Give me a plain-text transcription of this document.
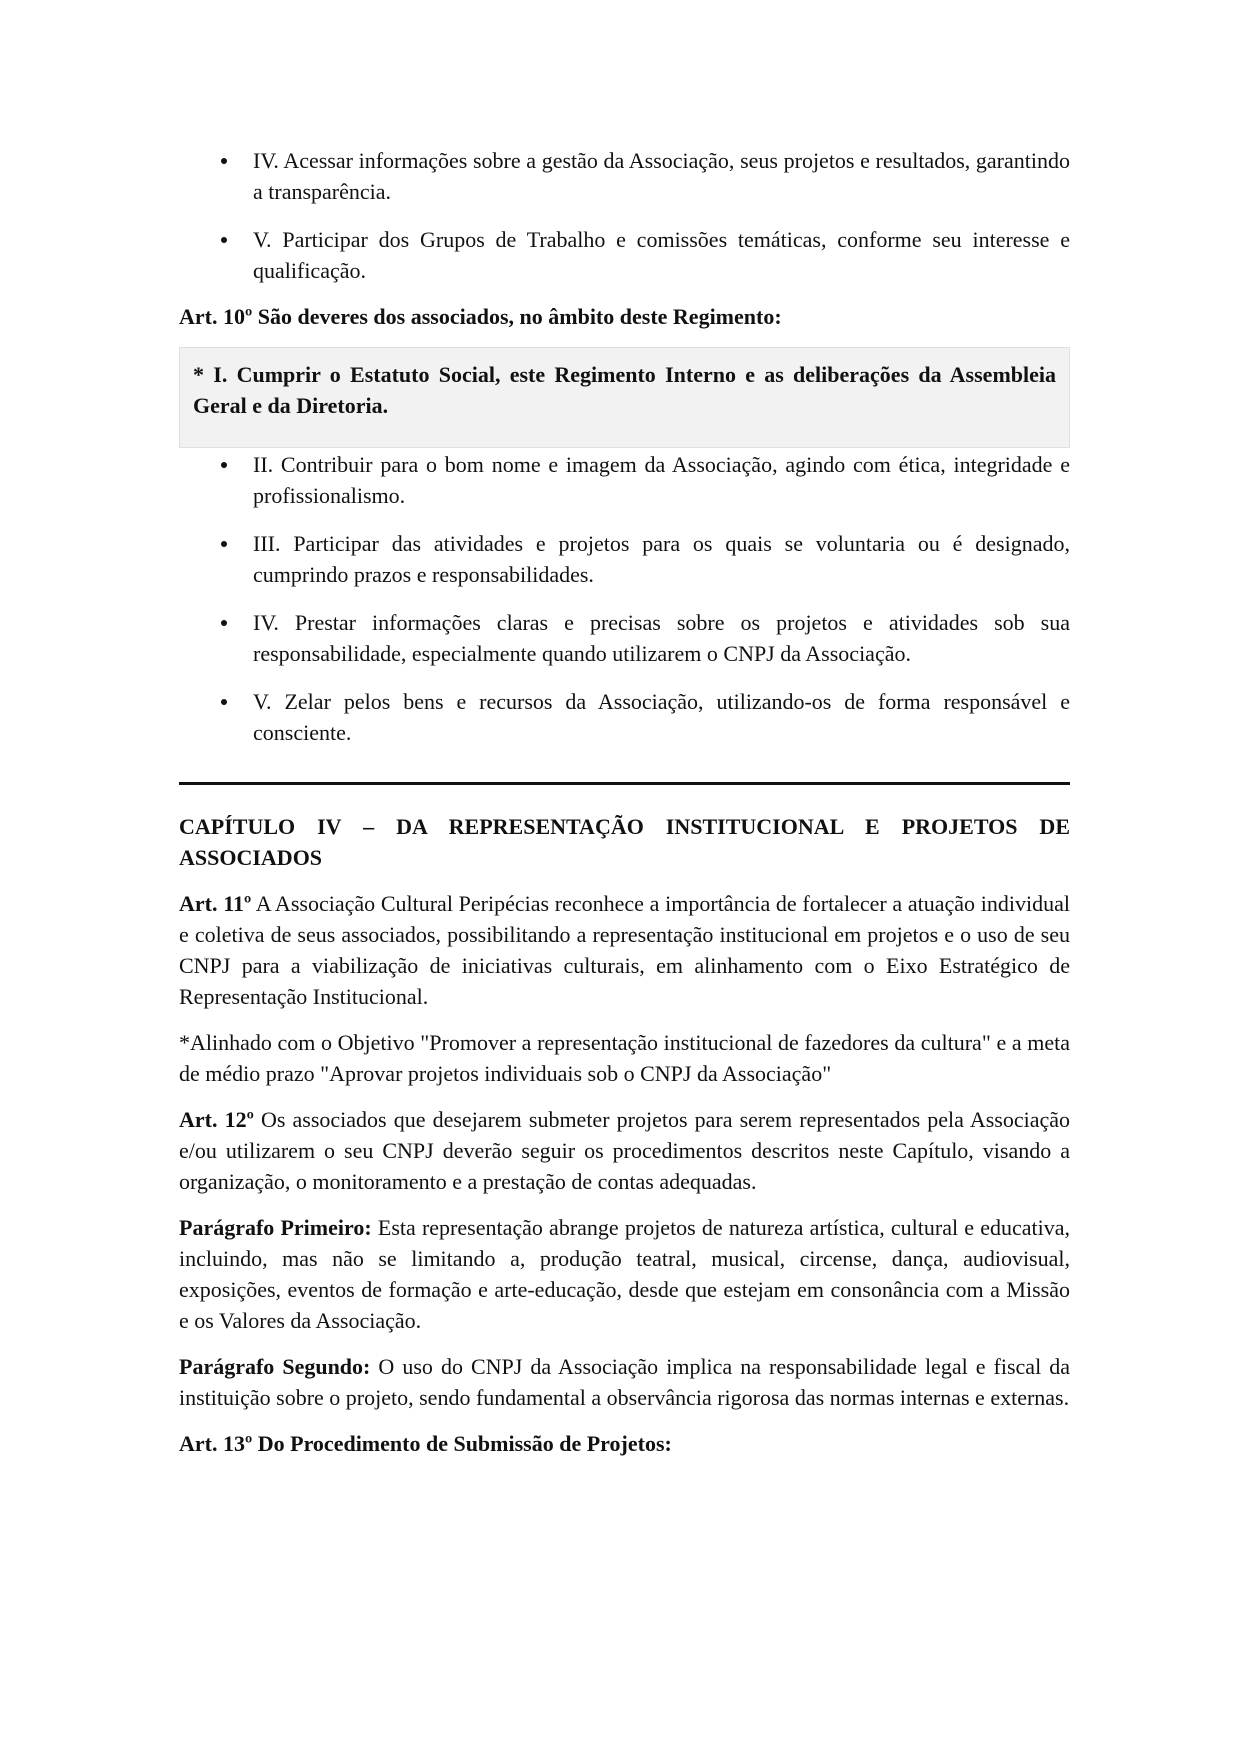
IV. Acessar informações sobre a gestão da Associação, seus projetos e resultados, garantindo a transparência.
V. Participar dos Grupos de Trabalho e comissões temáticas, conforme seu interesse e qualificação.

Art. 10º São deveres dos associados, no âmbito deste Regimento:

* I. Cumprir o Estatuto Social, este Regimento Interno e as deliberações da Assembleia Geral e da Diretoria.
II. Contribuir para o bom nome e imagem da Associação, agindo com ética, integridade e profissionalismo.
III. Participar das atividades e projetos para os quais se voluntaria ou é designado, cumprindo prazos e responsabilidades.
IV. Prestar informações claras e precisas sobre os projetos e atividades sob sua responsabilidade, especialmente quando utilizarem o CNPJ da Associação.
V. Zelar pelos bens e recursos da Associação, utilizando-os de forma responsável e consciente.

CAPÍTULO IV – DA REPRESENTAÇÃO INSTITUCIONAL E PROJETOS DE ASSOCIADOS

Art. 11º A Associação Cultural Peripécias reconhece a importância de fortalecer a atuação individual e coletiva de seus associados, possibilitando a representação institucional em projetos e o uso de seu CNPJ para a viabilização de iniciativas culturais, em alinhamento com o Eixo Estratégico de Representação Institucional.

*Alinhado com o Objetivo "Promover a representação institucional de fazedores da cultura" e a meta de médio prazo "Aprovar projetos individuais sob o CNPJ da Associação"

Art. 12º Os associados que desejarem submeter projetos para serem representados pela Associação e/ou utilizarem o seu CNPJ deverão seguir os procedimentos descritos neste Capítulo, visando a organização, o monitoramento e a prestação de contas adequadas.

Parágrafo Primeiro: Esta representação abrange projetos de natureza artística, cultural e educativa, incluindo, mas não se limitando a, produção teatral, musical, circense, dança, audiovisual, exposições, eventos de formação e arte-educação, desde que estejam em consonância com a Missão e os Valores da Associação.

Parágrafo Segundo: O uso do CNPJ da Associação implica na responsabilidade legal e fiscal da instituição sobre o projeto, sendo fundamental a observância rigorosa das normas internas e externas.

Art. 13º Do Procedimento de Submissão de Projetos:
